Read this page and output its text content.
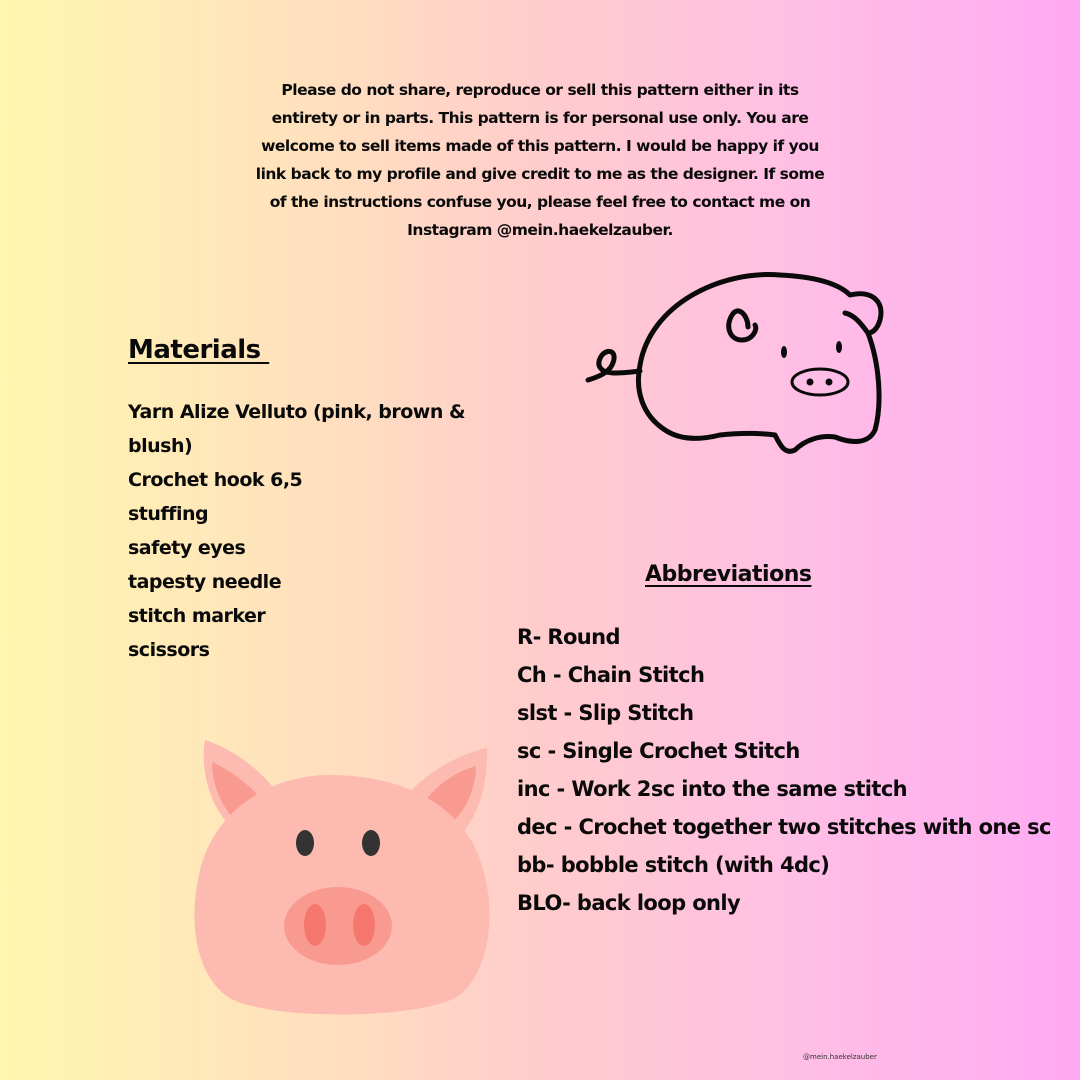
Please do not share, reproduce or sell this pattern either in its entirety or in parts. This pattern is for personal use only. You are welcome to sell items made of this pattern. I would be happy if you link back to my profile and give credit to me as the designer. If some of the instructions confuse you, please feel free to contact me on Instagram @mein.haekelzauber.

Materials
Yarn Alize Velluto (pink, brown & blush)
Crochet hook 6,5
stuffing
safety eyes
tapesty needle
stitch marker
scissors
Abbreviations
R- Round
Ch - Chain Stitch
slst - Slip Stitch
sc - Single Crochet Stitch
inc - Work 2sc into the same stitch
dec - Crochet together two stitches with one sc
bb- bobble stitch (with 4dc)
BLO- back loop only
@mein.haekelzauber
